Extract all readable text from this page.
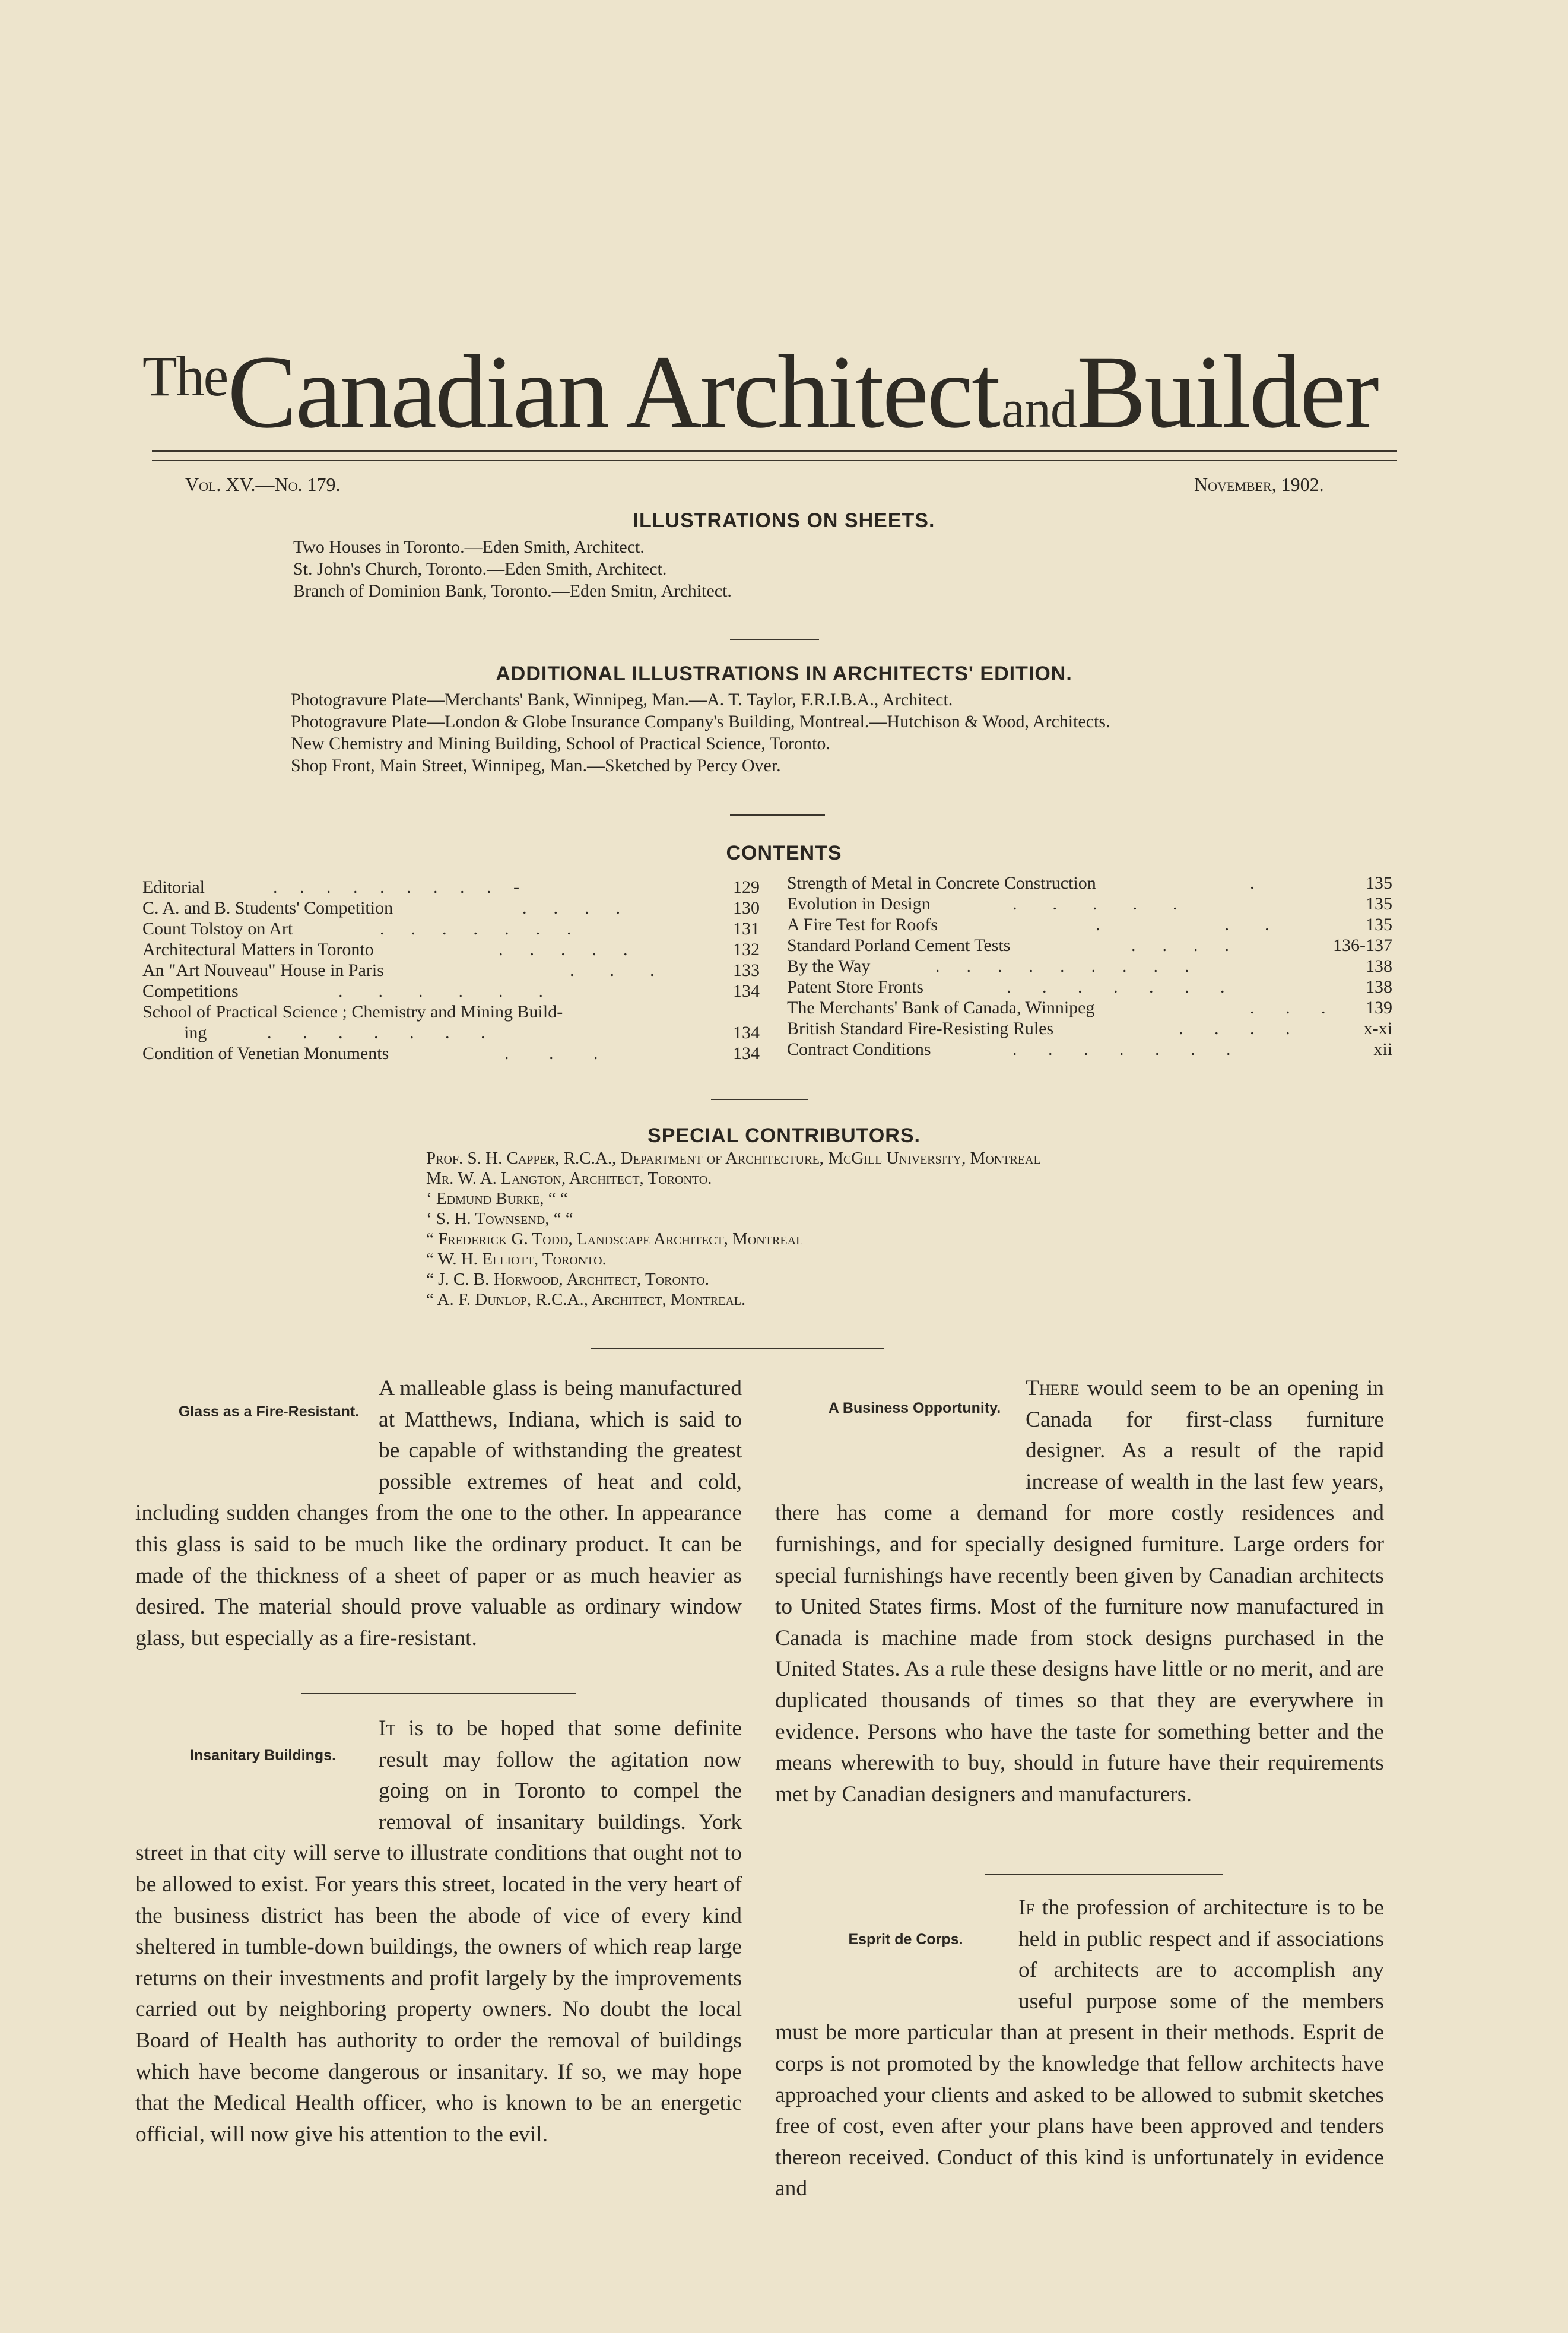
TheCanadian Architect andBuilder
Vol. XV.—No. 179.	November, 1902.
ILLUSTRATIONS ON SHEETS.
Two Houses in Toronto.—Eden Smith, Architect.
St. John's Church, Toronto.—Eden Smith, Architect.
Branch of Dominion Bank, Toronto.—Eden Smitn, Architect.
ADDITIONAL ILLUSTRATIONS IN ARCHITECTS' EDITION.
Photogravure Plate—Merchants' Bank, Winnipeg, Man.—A. T. Taylor, F.R.I.B.A., Architect.
Photogravure Plate—London & Globe Insurance Company's Building, Montreal.—Hutchison & Wood, Architects.
New Chemistry and Mining Building, School of Practical Science, Toronto.
Shop Front, Main Street, Winnipeg, Man.—Sketched by Percy Over.
CONTENTS
Editorial	.     .     .     .     .     .     .     .     .     -	129
C. A. and B. Students' Competition	.      .      .      .	130
Count Tolstoy on Art	.      .      .      .      .      .      .	131
Architectural Matters in Toronto	.      .      .      .      .	132
An "Art Nouveau" House in Paris	.        .        .	133
Competitions	.        .        .        .        .        .	134
School of Practical Science ; Chemistry and Mining Build-
ing	.       .       .       .       .       .       .	134
Condition of Venetian Monuments	.         .         .	134
Strength of Metal in Concrete Construction	.	135
Evolution in Design	.        .        .        .        .	135
A Fire Test for Roofs	.                            .        .	135
Standard Porland Cement Tests	.      .      .      .	136-137
By the Way	.      .      .      .      .      .      .      .      .	138
Patent Store Fronts	.       .       .       .       .       .       .	138
The Merchants' Bank of Canada, Winnipeg	.       .       . 139
British Standard Fire-Resisting Rules	.       .       .       .	x-xi
Contract Conditions	.       .       .       .       .       .       .	xii
SPECIAL CONTRIBUTORS.
Prof. S. H. Capper, R.C.A., Department of Architecture, McGill University, Montreal
Mr. W. A. Langton, Architect, Toronto.
‘ Edmund Burke, “ “
‘ S. H. Townsend, “ “
“ Frederick G. Todd, Landscape Architect, Montreal
“ W. H. Elliott, Toronto.
“ J. C. B. Horwood, Architect, Toronto.
“ A. F. Dunlop, R.C.A., Architect, Montreal.
Glass as a Fire-Resistant.

A malleable glass is being manufactured at Matthews, Indiana, which is said to be capable of withstanding the greatest possible extremes of heat and cold, including sudden changes from the one to the other. In appearance this glass is said to be much like the ordinary product. It can be made of the thickness of a sheet of paper or as much heavier as desired. The material should prove valuable as ordinary window glass, but especially as a fire-resistant.

Insanitary Buildings.

It is to be hoped that some definite result may follow the agitation now going on in Toronto to compel the removal of insanitary buildings. York street in that city will serve to illustrate conditions that ought not to be allowed to exist. For years this street, located in the very heart of the business district has been the abode of vice of every kind sheltered in tumble-down buildings, the owners of which reap large returns on their investments and profit largely by the improvements carried out by neighboring property owners. No doubt the local Board of Health has authority to order the removal of buildings which have become dangerous or insanitary. If so, we may hope that the Medical Health officer, who is known to be an energetic official, will now give his attention to the evil.

A Business Opportunity.

There would seem to be an opening in Canada for first-class furniture designer. As a result of the rapid increase of wealth in the last few years, there has come a demand for more costly residences and furnishings, and for specially designed furniture. Large orders for special furnishings have recently been given by Canadian architects to United States firms. Most of the furniture now manufactured in Canada is machine made from stock designs purchased in the United States. As a rule these designs have little or no merit, and are duplicated thousands of times so that they are everywhere in evidence. Persons who have the taste for something better and the means wherewith to buy, should in future have their requirements met by Canadian designers and manufacturers.

Esprit de Corps.

If the profession of architecture is to be held in public respect and if associations of architects are to accomplish any useful purpose some of the members must be more particular than at present in their methods. Esprit de corps is not promoted by the knowledge that fellow architects have approached your clients and asked to be allowed to submit sketches free of cost, even after your plans have been approved and tenders thereon received. Conduct of this kind is unfortunately in evidence and
